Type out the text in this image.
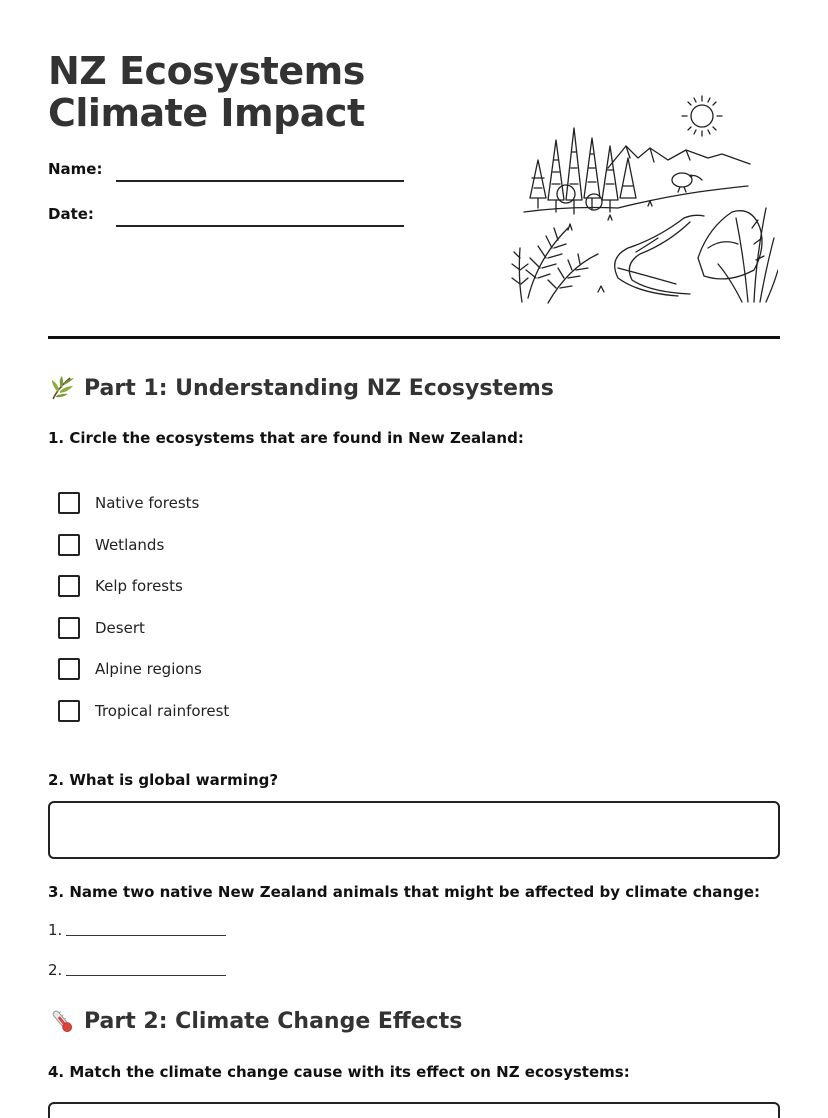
NZ Ecosystems Climate Impact
Name:
Date:
Part 1: Understanding NZ Ecosystems
1. Circle the ecosystems that are found in New Zealand:
Native forests
Wetlands
Kelp forests
Desert
Alpine regions
Tropical rainforest
2. What is global warming?
3. Name two native New Zealand animals that might be affected by climate change:
1.
2.
Part 2: Climate Change Effects
4. Match the climate change cause with its effect on NZ ecosystems:
